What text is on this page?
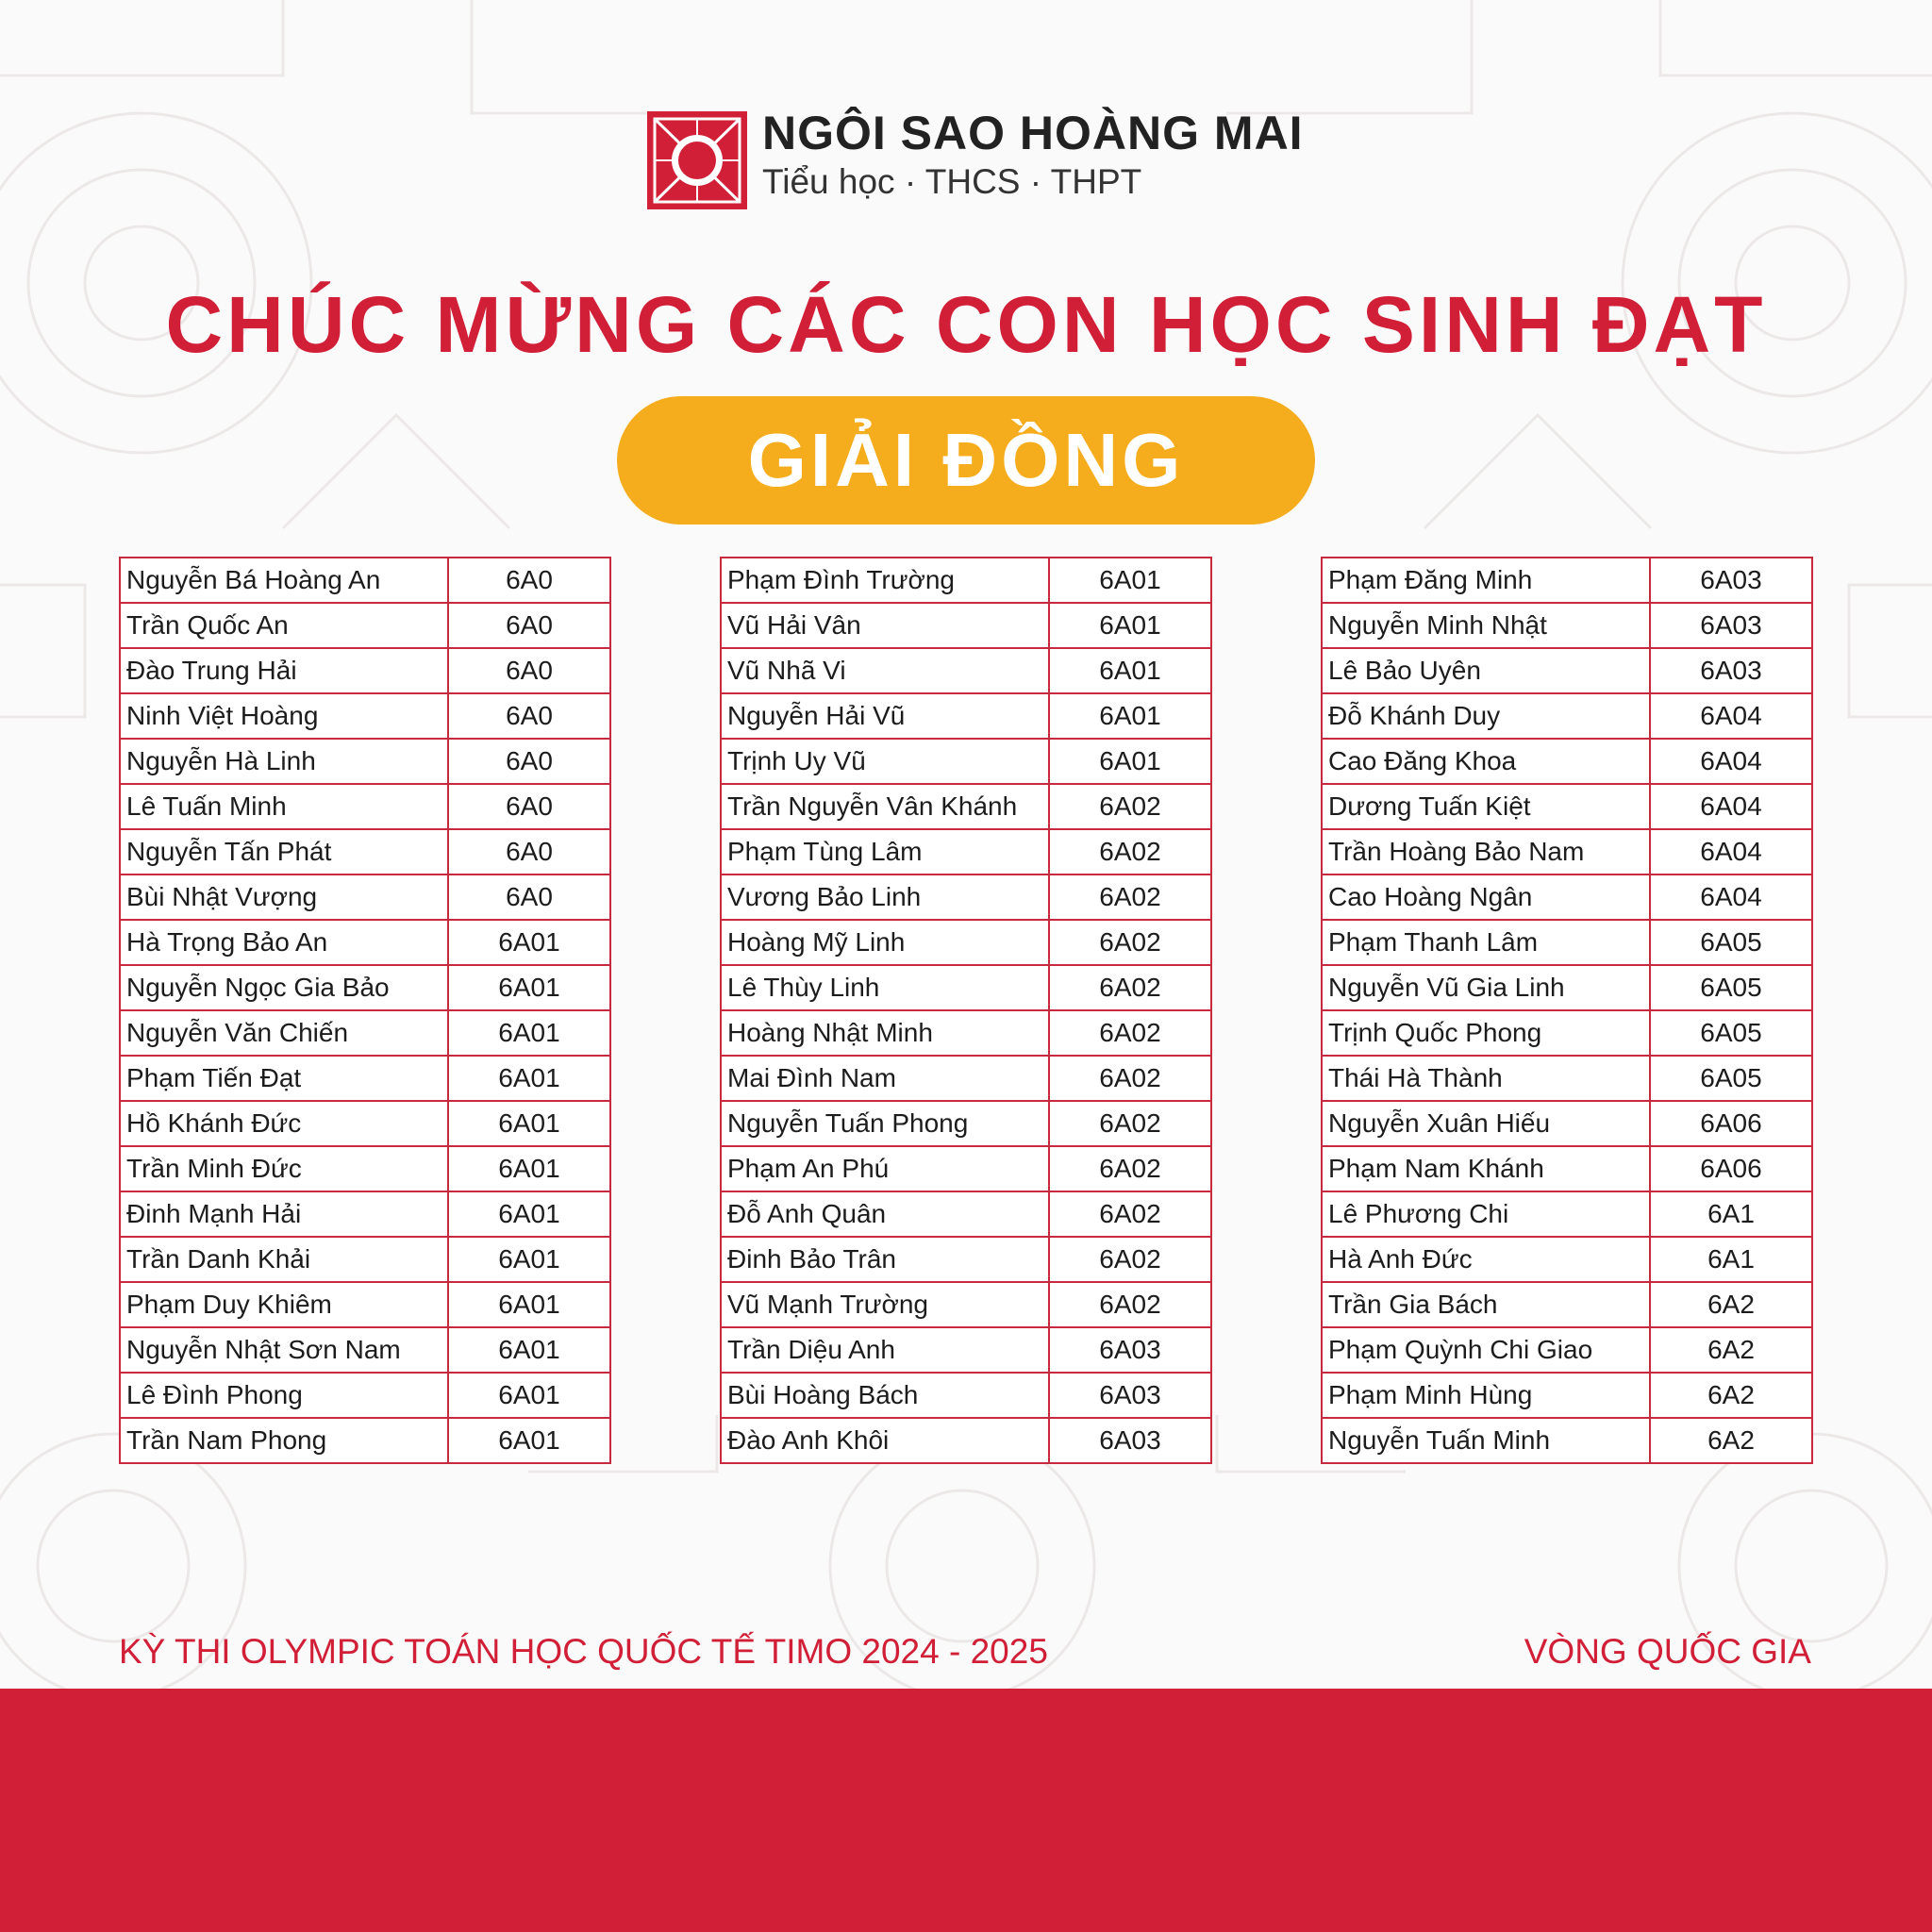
NGÔI SAO HOÀNG MAI
Tiểu học · THCS · THPT
CHÚC MỪNG CÁC CON HỌC SINH ĐẠT
GIẢI ĐỒNG
Nguyễn Bá Hoàng An	6A0
Trần Quốc An	6A0
Đào Trung Hải	6A0
Ninh Việt Hoàng	6A0
Nguyễn Hà Linh	6A0
Lê Tuấn Minh	6A0
Nguyễn Tấn Phát	6A0
Bùi Nhật Vượng	6A0
Hà Trọng Bảo An	6A01
Nguyễn Ngọc Gia Bảo	6A01
Nguyễn Văn Chiến	6A01
Phạm Tiến Đạt	6A01
Hồ Khánh Đức	6A01
Trần Minh Đức	6A01
Đinh Mạnh Hải	6A01
Trần Danh Khải	6A01
Phạm Duy Khiêm	6A01
Nguyễn Nhật Sơn Nam	6A01
Lê Đình Phong	6A01
Trần Nam Phong	6A01
Phạm Đình Trường	6A01
Vũ Hải Vân	6A01
Vũ Nhã Vi	6A01
Nguyễn Hải Vũ	6A01
Trịnh Uy Vũ	6A01
Trần Nguyễn Vân Khánh	6A02
Phạm Tùng Lâm	6A02
Vương Bảo Linh	6A02
Hoàng Mỹ Linh	6A02
Lê Thùy Linh	6A02
Hoàng Nhật Minh	6A02
Mai Đình Nam	6A02
Nguyễn Tuấn Phong	6A02
Phạm An Phú	6A02
Đỗ Anh Quân	6A02
Đinh Bảo Trân	6A02
Vũ Mạnh Trường	6A02
Trần Diệu Anh	6A03
Bùi Hoàng Bách	6A03
Đào Anh Khôi	6A03
Phạm Đăng Minh	6A03
Nguyễn Minh Nhật	6A03
Lê Bảo Uyên	6A03
Đỗ Khánh Duy	6A04
Cao Đăng Khoa	6A04
Dương Tuấn Kiệt	6A04
Trần Hoàng Bảo Nam	6A04
Cao Hoàng Ngân	6A04
Phạm Thanh Lâm	6A05
Nguyễn Vũ Gia Linh	6A05
Trịnh Quốc Phong	6A05
Thái Hà Thành	6A05
Nguyễn Xuân Hiếu	6A06
Phạm Nam Khánh	6A06
Lê Phương Chi	6A1
Hà Anh Đức	6A1
Trần Gia Bách	6A2
Phạm Quỳnh Chi Giao	6A2
Phạm Minh Hùng	6A2
Nguyễn Tuấn Minh	6A2
KỲ THI OLYMPIC TOÁN HỌC QUỐC TẾ TIMO 2024 - 2025	VÒNG QUỐC GIA
